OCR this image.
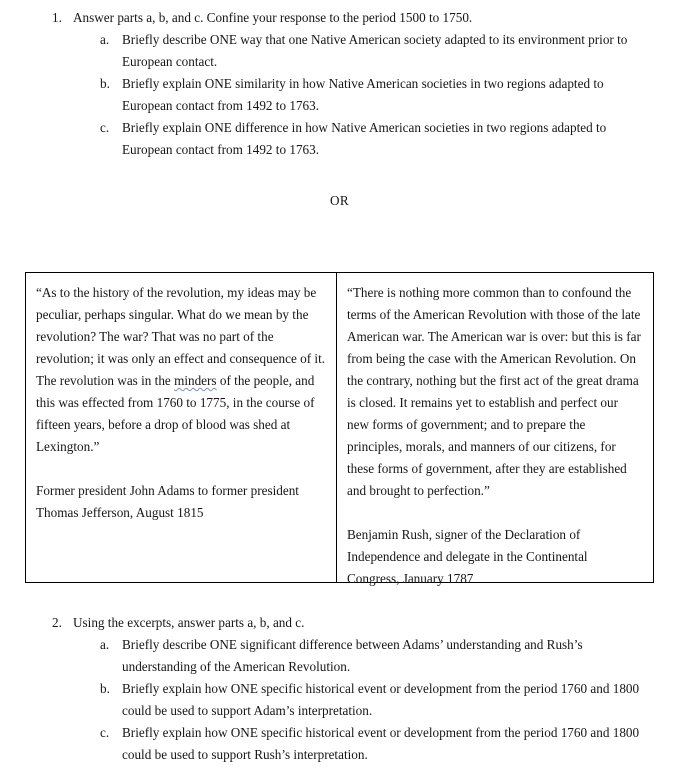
1. Answer parts a, b, and c. Confine your response to the period 1500 to 1750.
a. Briefly describe ONE way that one Native American society adapted to its environment prior to European contact.
b. Briefly explain ONE similarity in how Native American societies in two regions adapted to European contact from 1492 to 1763.
c. Briefly explain ONE difference in how Native American societies in two regions adapted to European contact from 1492 to 1763.
OR

“As to the history of the revolution, my ideas may be peculiar, perhaps singular. What do we mean by the revolution? The war? That was no part of the revolution; it was only an effect and consequence of it. The revolution was in the minders of the people, and this was effected from 1760 to 1775, in the course of fifteen years, before a drop of blood was shed at Lexington.”

Former president John Adams to former president Thomas Jefferson, August 1815

“There is nothing more common than to confound the terms of the American Revolution with those of the late American war. The American war is over: but this is far from being the case with the American Revolution. On the contrary, nothing but the first act of the great drama is closed. It remains yet to establish and perfect our new forms of government; and to prepare the principles, morals, and manners of our citizens, for these forms of government, after they are established and brought to perfection.”

Benjamin Rush, signer of the Declaration of Independence and delegate in the Continental Congress, January 1787

2. Using the excerpts, answer parts a, b, and c.
a. Briefly describe ONE significant difference between Adams’ understanding and Rush’s understanding of the American Revolution.
b. Briefly explain how ONE specific historical event or development from the period 1760 and 1800 could be used to support Adam’s interpretation.
c. Briefly explain how ONE specific historical event or development from the period 1760 and 1800 could be used to support Rush’s interpretation.
